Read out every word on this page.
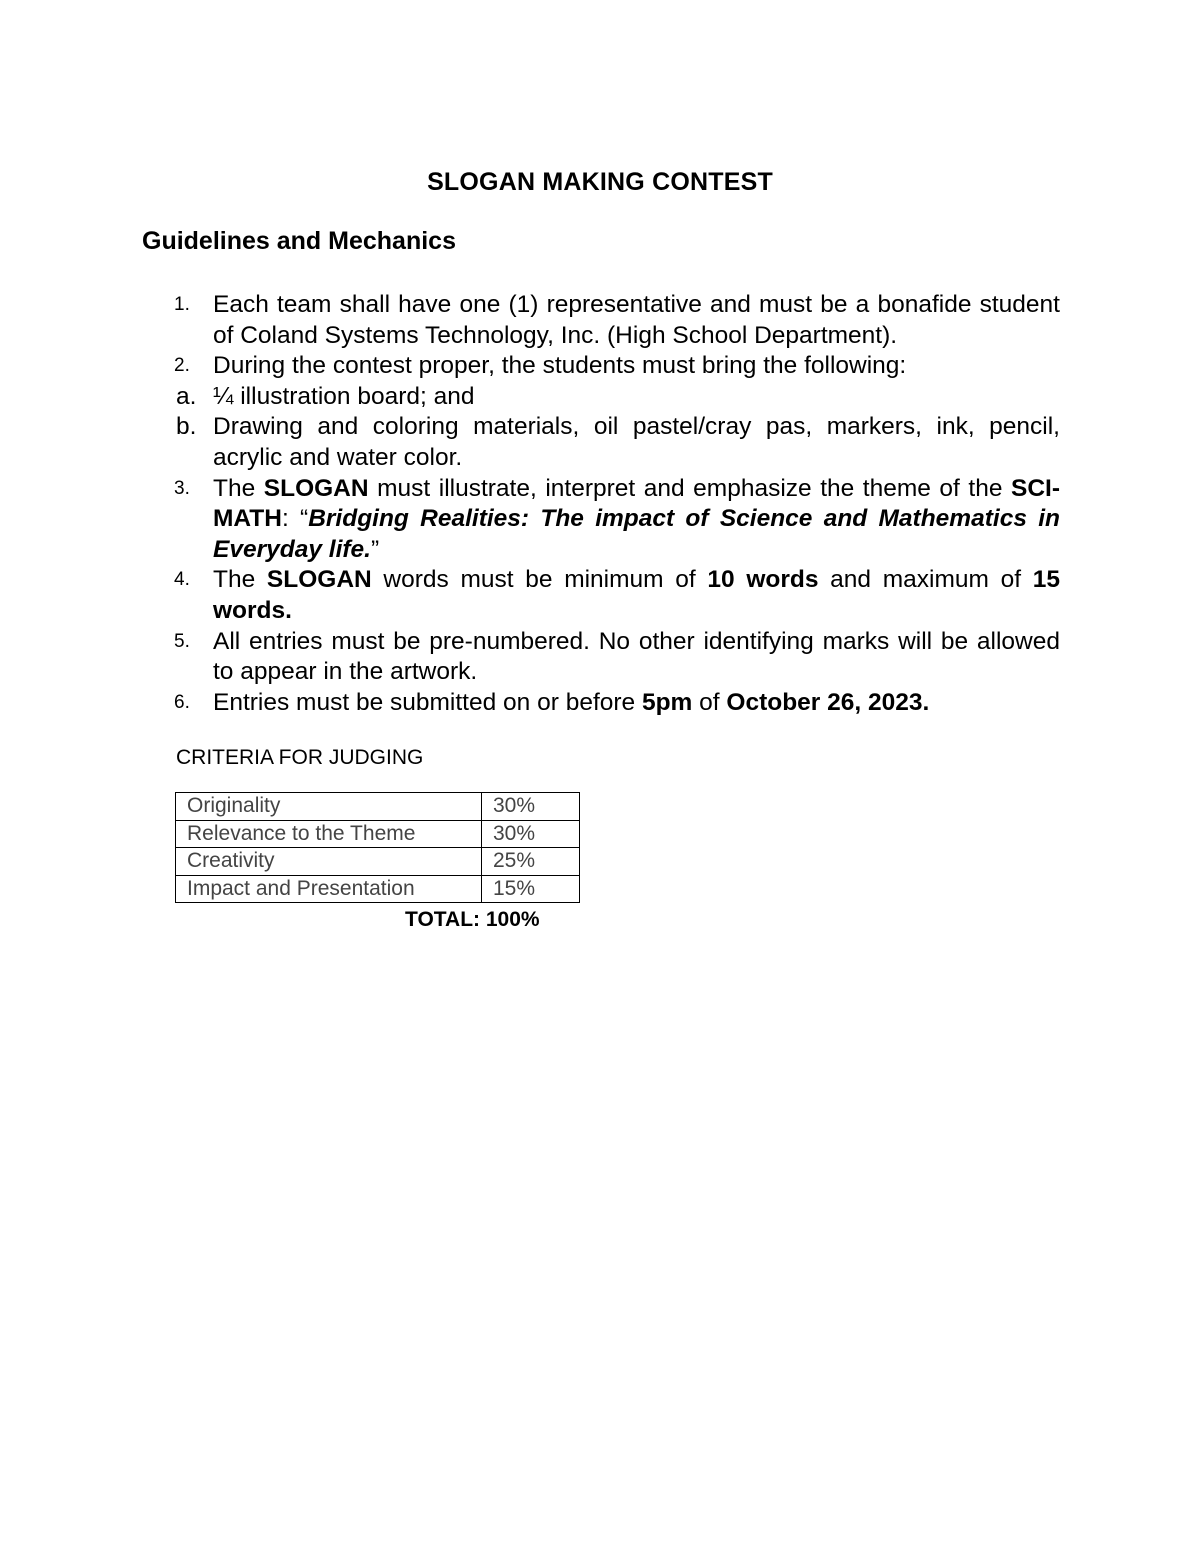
SLOGAN MAKING CONTEST
Guidelines and Mechanics
1. Each team shall have one (1) representative and must be a bonafide student of Coland Systems Technology, Inc. (High School Department).
2. During the contest proper, the students must bring the following:
a. ¼ illustration board; and
b. Drawing and coloring materials, oil pastel/cray pas, markers, ink, pencil, acrylic and water color.
3. The SLOGAN must illustrate, interpret and emphasize the theme of the SCI-MATH: “Bridging Realities: The impact of Science and Mathematics in Everyday life.”
4. The SLOGAN words must be minimum of 10 words and maximum of 15 words.
5. All entries must be pre-numbered. No other identifying marks will be allowed to appear in the artwork.
6. Entries must be submitted on or before 5pm of October 26, 2023.
CRITERIA FOR JUDGING
Originality	30%
Relevance to the Theme	30%
Creativity	25%
Impact and Presentation	15%
TOTAL: 100%
